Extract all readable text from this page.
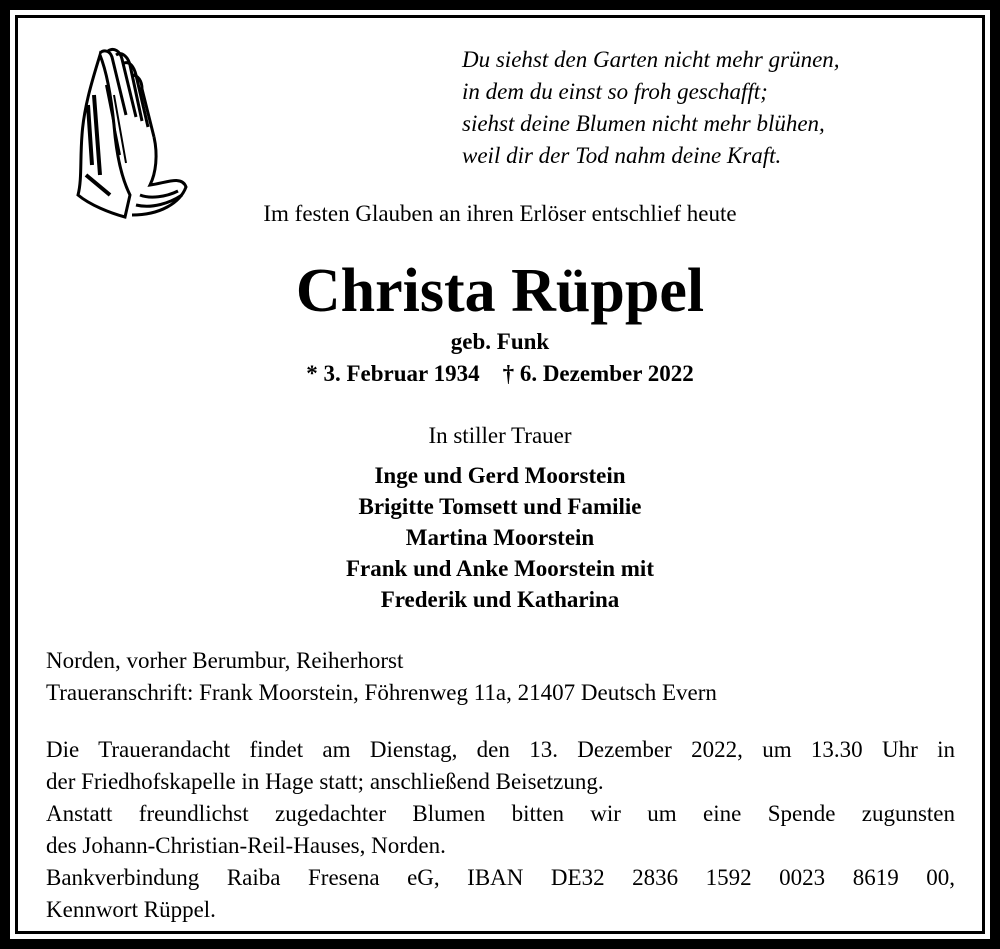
Du siehst den Garten nicht mehr grünen,
in dem du einst so froh geschafft;
siehst deine Blumen nicht mehr blühen,
weil dir der Tod nahm deine Kraft.
Im festen Glauben an ihren Erlöser entschlief heute
Christa Rüppel
geb. Funk
* 3. Februar 1934    † 6. Dezember 2022
In stiller Trauer
Inge und Gerd Moorstein
Brigitte Tomsett und Familie
Martina Moorstein
Frank und Anke Moorstein mit
Frederik und Katharina
Norden, vorher Berumbur, Reiherhorst
Traueranschrift: Frank Moorstein, Föhrenweg 11a, 21407 Deutsch Evern
Die Trauerandacht findet am Dienstag, den 13. Dezember 2022, um 13.30 Uhr in
der Friedhofskapelle in Hage statt; anschließend Beisetzung.
Anstatt freundlichst zugedachter Blumen bitten wir um eine Spende zugunsten
des Johann-Christian-Reil-Hauses, Norden.
Bankverbindung Raiba Fresena eG, IBAN DE32 2836 1592 0023 8619 00,
Kennwort Rüppel.
